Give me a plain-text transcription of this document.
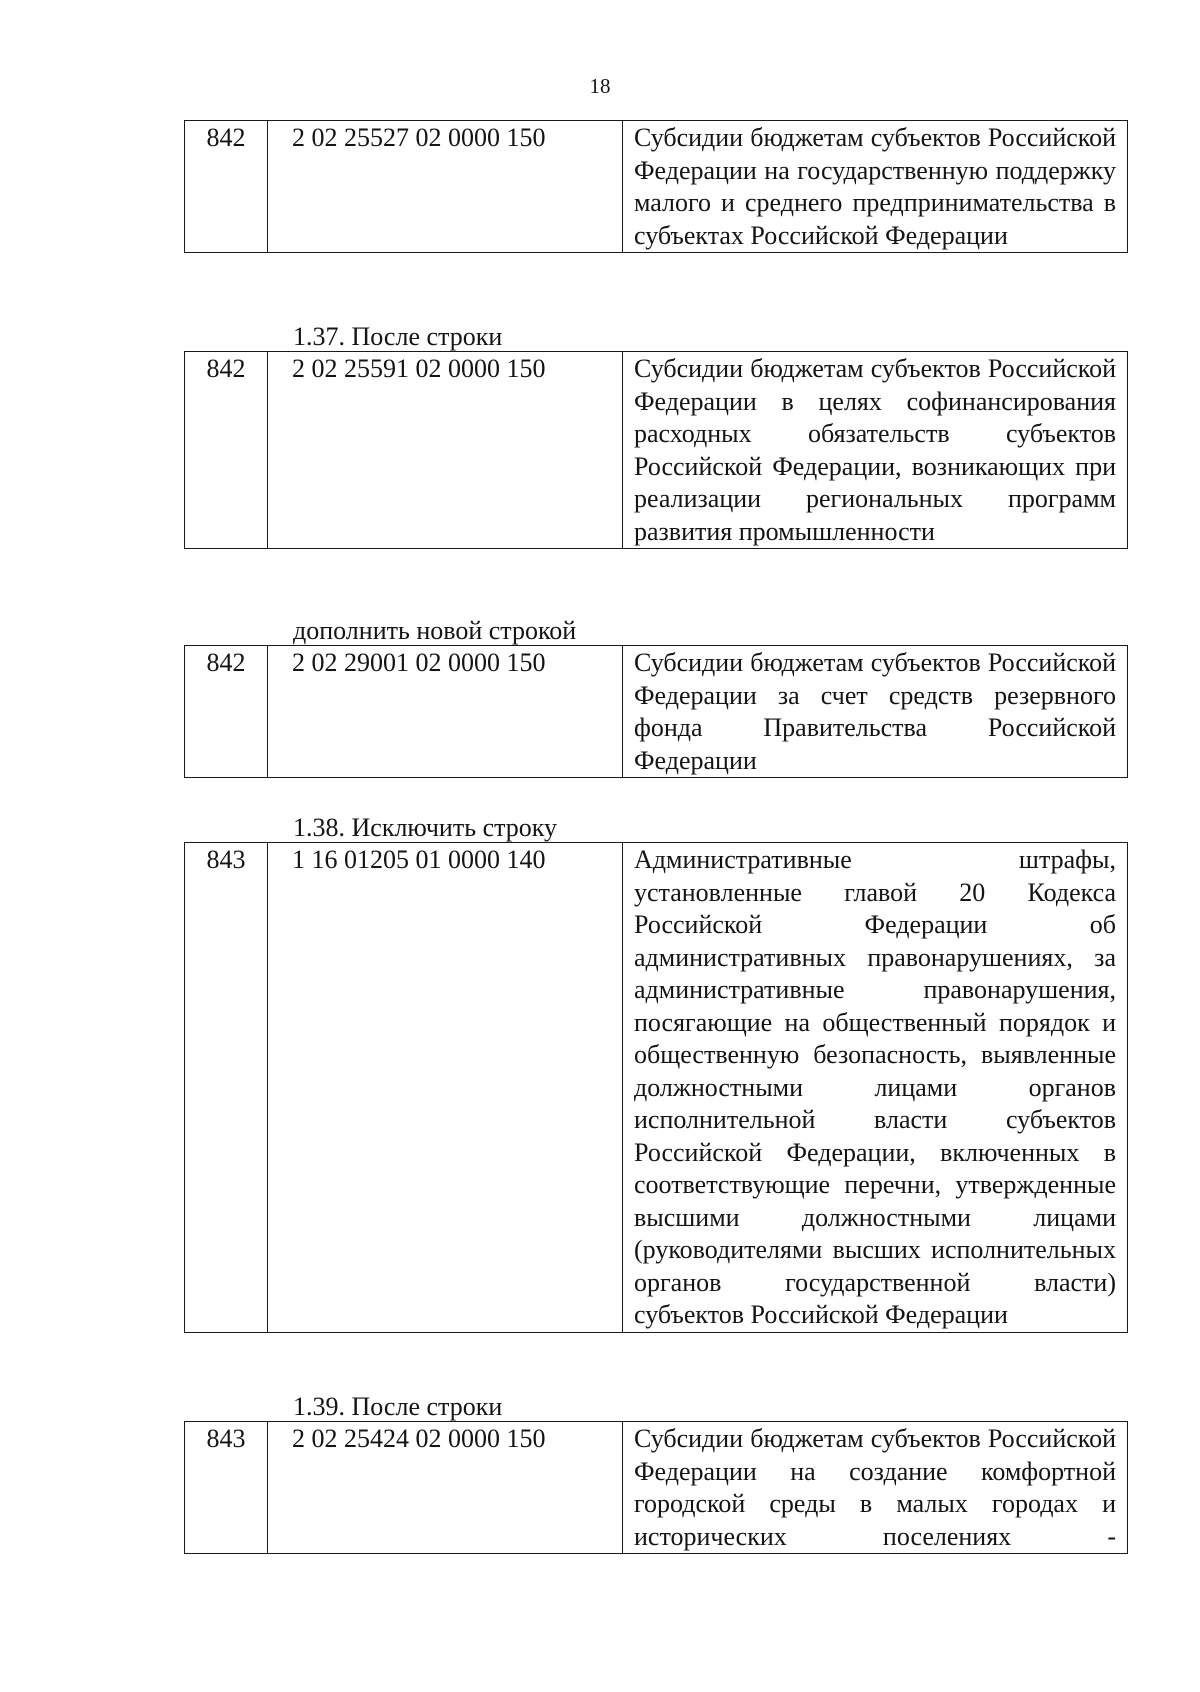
18
842	2 02 25527 02 0000 150	Субсидии бюджетам субъектов Российской Федерации на государственную поддержку малого и среднего предпринимательства в субъектах Российской Федерации
1.37. После строки
842	2 02 25591 02 0000 150	Субсидии бюджетам субъектов Российской Федерации в целях софинансирования расходных обязательств субъектов Российской Федерации, возникающих при реализации региональных программ развития промышленности
дополнить новой строкой
842	2 02 29001 02 0000 150	Субсидии бюджетам субъектов Российской Федерации за счет средств резервного фонда Правительства Российской Федерации
1.38. Исключить строку
843	1 16 01205 01 0000 140	Административные штрафы, установленные главой 20 Кодекса Российской Федерации об административных правонарушениях, за административные правонарушения, посягающие на общественный порядок и общественную безопасность, выявленные должностными лицами органов исполнительной власти субъектов Российской Федерации, включенных в соответствующие перечни, утвержденные высшими должностными лицами (руководителями высших исполнительных органов государственной власти) субъектов Российской Федерации
1.39. После строки
843	2 02 25424 02 0000 150	Субсидии бюджетам субъектов Российской Федерации на создание комфортной городской среды в малых городах и исторических поселениях -
